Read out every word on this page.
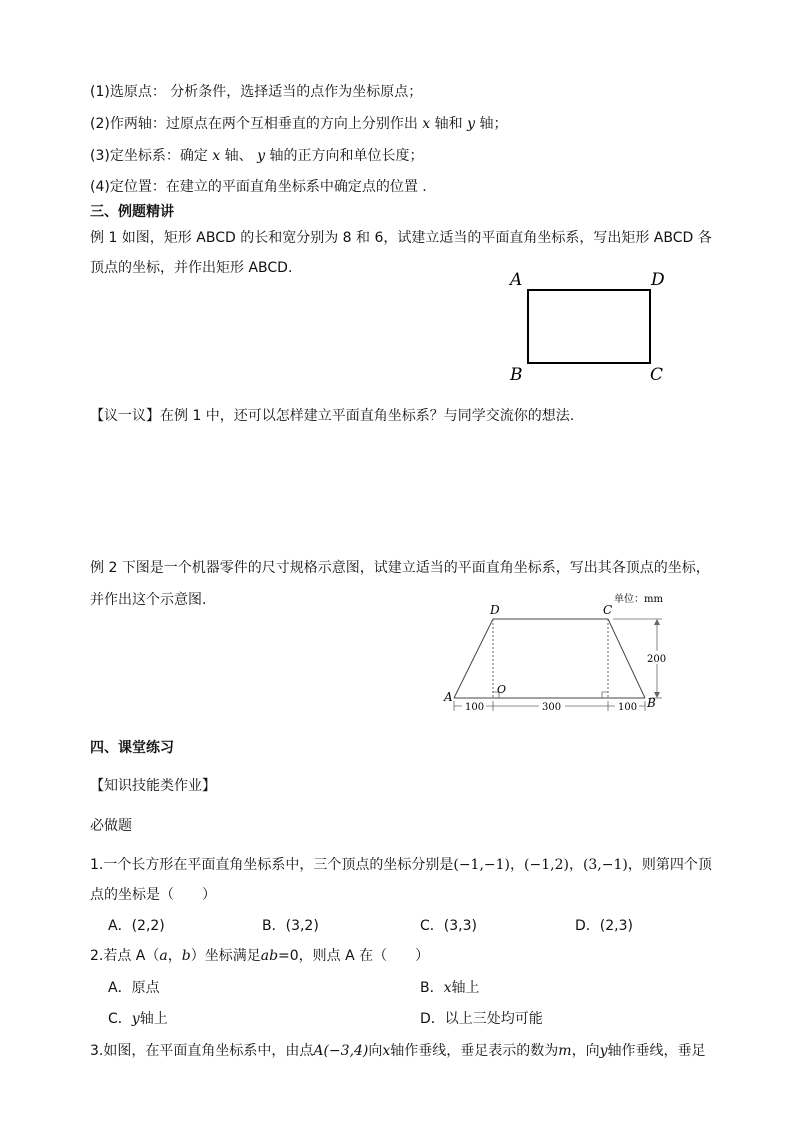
(1)选原点： 分析条件，选择适当的点作为坐标原点；
(2)作两轴：过原点在两个互相垂直的方向上分别作出 x 轴和 y 轴；
(3)定坐标系：确定 x 轴、 y 轴的正方向和单位长度；
(4)定位置：在建立的平面直角坐标系中确定点的位置 .
三、例题精讲
例 1 如图，矩形 ABCD 的长和宽分别为 8 和 6，试建立适当的平面直角坐标系，写出矩形 ABCD 各
顶点的坐标，并作出矩形 ABCD.
A	D
B	C
【议一议】在例 1 中，还可以怎样建立平面直角坐标系？与同学交流你的想法.
例 2 下图是一个机器零件的尺寸规格示意图，试建立适当的平面直角坐标系，写出其各顶点的坐标，
并作出这个示意图.	单位：mm
200
100	300	100
D	C
A	B
O
四、课堂练习
【知识技能类作业】
必做题
1.一个长方形在平面直角坐标系中，三个顶点的坐标分别是(−1,−1)，(−1,2)，(3,−1)，则第四个顶
点的坐标是（　　）
A．(2,2)	B．(3,2)	C．(3,3)	D．(2,3)
2.若点 A（a，b）坐标满足ab=0，则点 A 在（　　）
A．原点	B．x轴上
C．y轴上	D．以上三处均可能
3.如图，在平面直角坐标系中，由点A(−3,4)向x轴作垂线，垂足表示的数为m，向y轴作垂线，垂足
